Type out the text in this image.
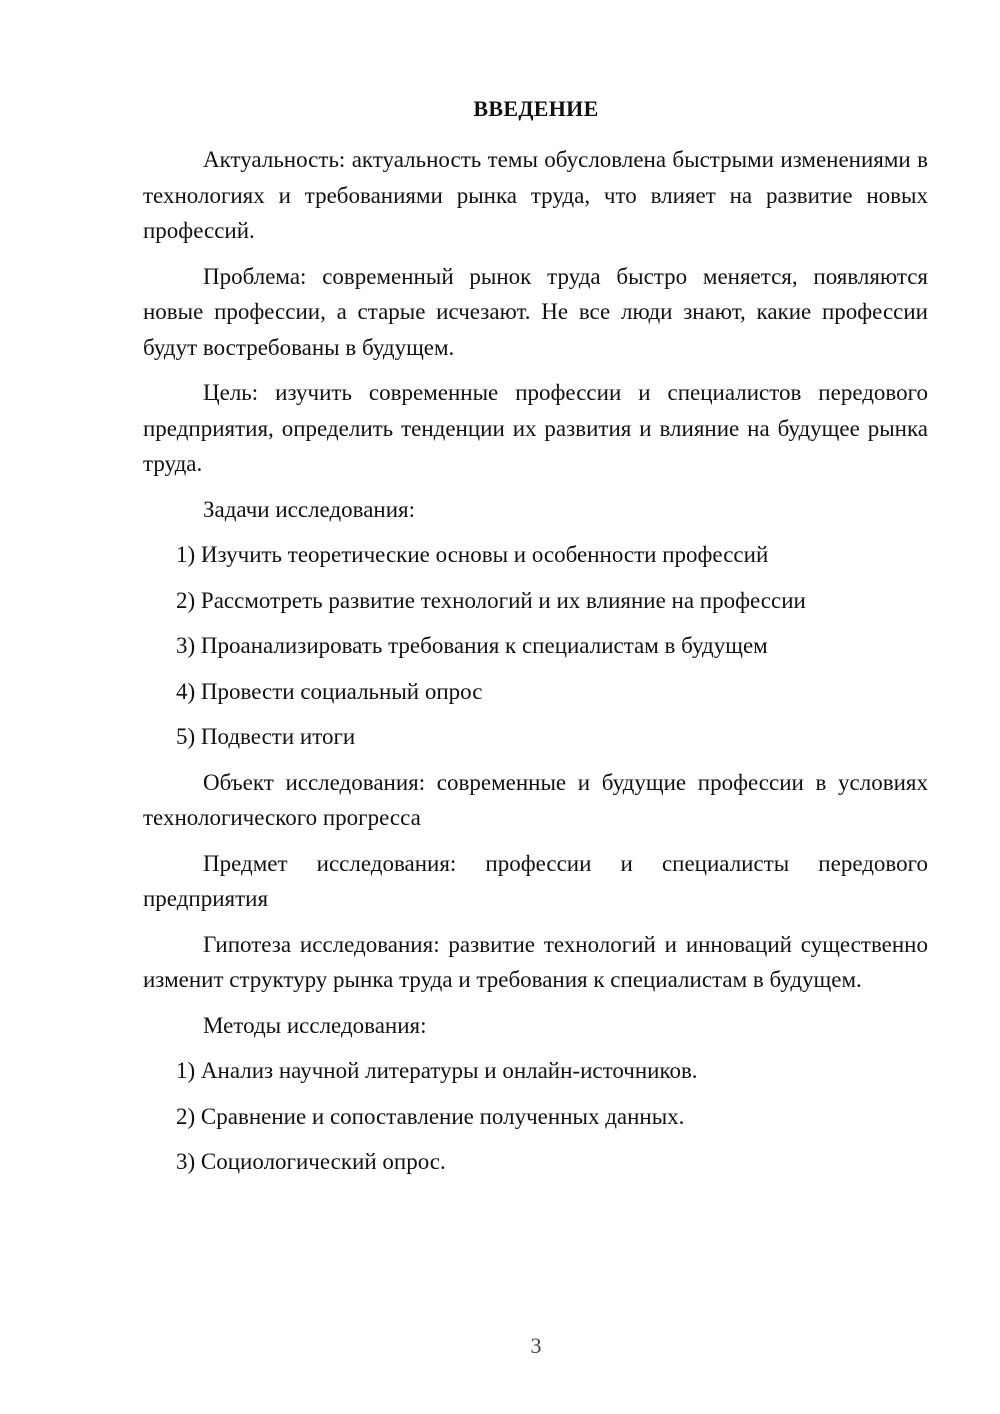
ВВЕДЕНИЕ

Актуальность: актуальность темы обусловлена быстрыми изменениями в технологиях и требованиями рынка труда, что влияет на развитие новых профессий.

Проблема: современный рынок труда быстро меняется, появляются новые профессии, а старые исчезают. Не все люди знают, какие профессии будут востребованы в будущем.

Цель: изучить современные профессии и специалистов передового предприятия, определить тенденции их развития и влияние на будущее рынка труда.

Задачи исследования:

1) Изучить теоретические основы и особенности профессий

2) Рассмотреть развитие технологий и их влияние на профессии

3) Проанализировать требования к специалистам в будущем

4) Провести социальный опрос

5) Подвести итоги

Объект исследования: современные и будущие профессии в условиях технологического прогресса

Предмет исследования: профессии и специалисты передового предприятия

Гипотеза исследования: развитие технологий и инноваций существенно изменит структуру рынка труда и требования к специалистам в будущем.

Методы исследования:

1) Анализ научной литературы и онлайн-источников.

2) Сравнение и сопоставление полученных данных.

3) Социологический опрос.

3
